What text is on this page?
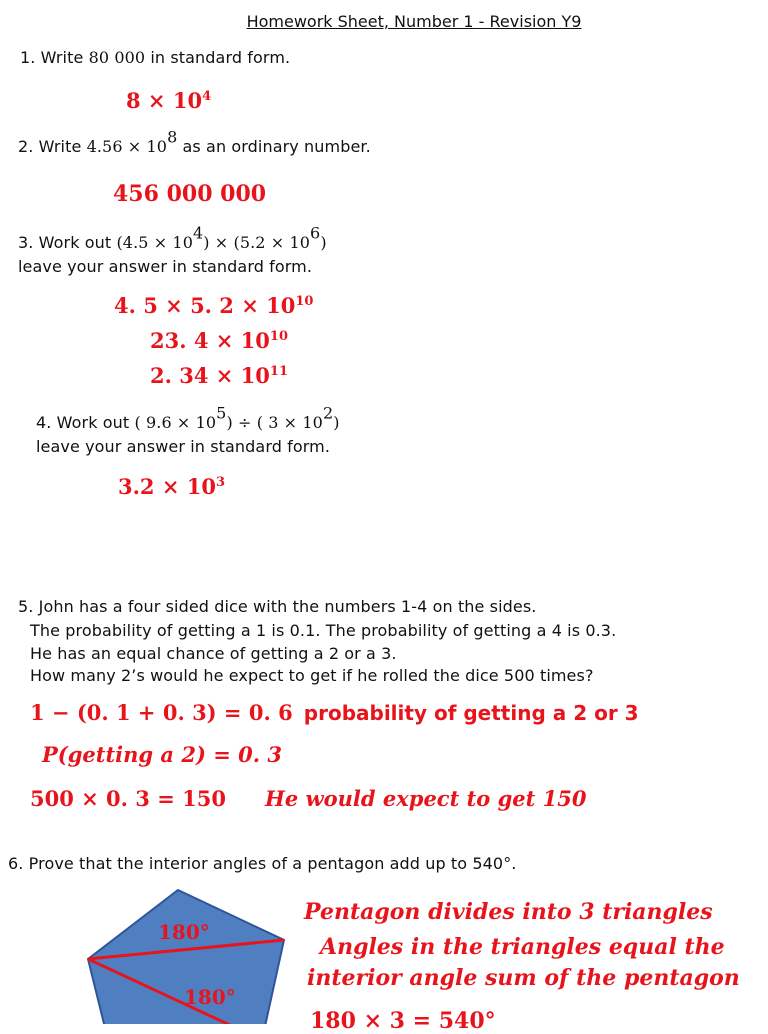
Homework Sheet, Number 1 - Revision Y9
1. Write 80 000 in standard form.
$8 \times 10^4$
2. Write $4.56 \times 10^8$ as an ordinary number.
456 000 000
3. Work out $(4.5 \times 10^4) \times (5.2 \times 10^6)$
leave your answer in standard form.
4. 5 × 5. $2 \times 10^{10}$
23. $4 \times 10^{10}$
2. $34 \times 10^{11}$
4. Work out ( $9.6 \times 10^5$) ÷ ( $3 \times 10^2$)
leave your answer in standard form.
$3.2 \times 10^3$
5. John has a four sided dice with the numbers 1-4 on the sides.
The probability of getting a 1 is 0.1. The probability of getting a 4 is 0.3.
He has an equal chance of getting a 2 or a 3.
How many 2’s would he expect to get if he rolled the dice 500 times?
1 − (0. 1 + 0. 3) = 0. 6 probability of getting a 2 or 3
P(getting a 2) = 0. 3
500 × 0. 3 = 150 He would expect to get 150
6. Prove that the interior angles of a pentagon add up to 540°.
180°
180°
Pentagon divides into 3 triangles
Angles in the triangles equal the
interior angle sum of the pentagon
180 × 3 = 540°
